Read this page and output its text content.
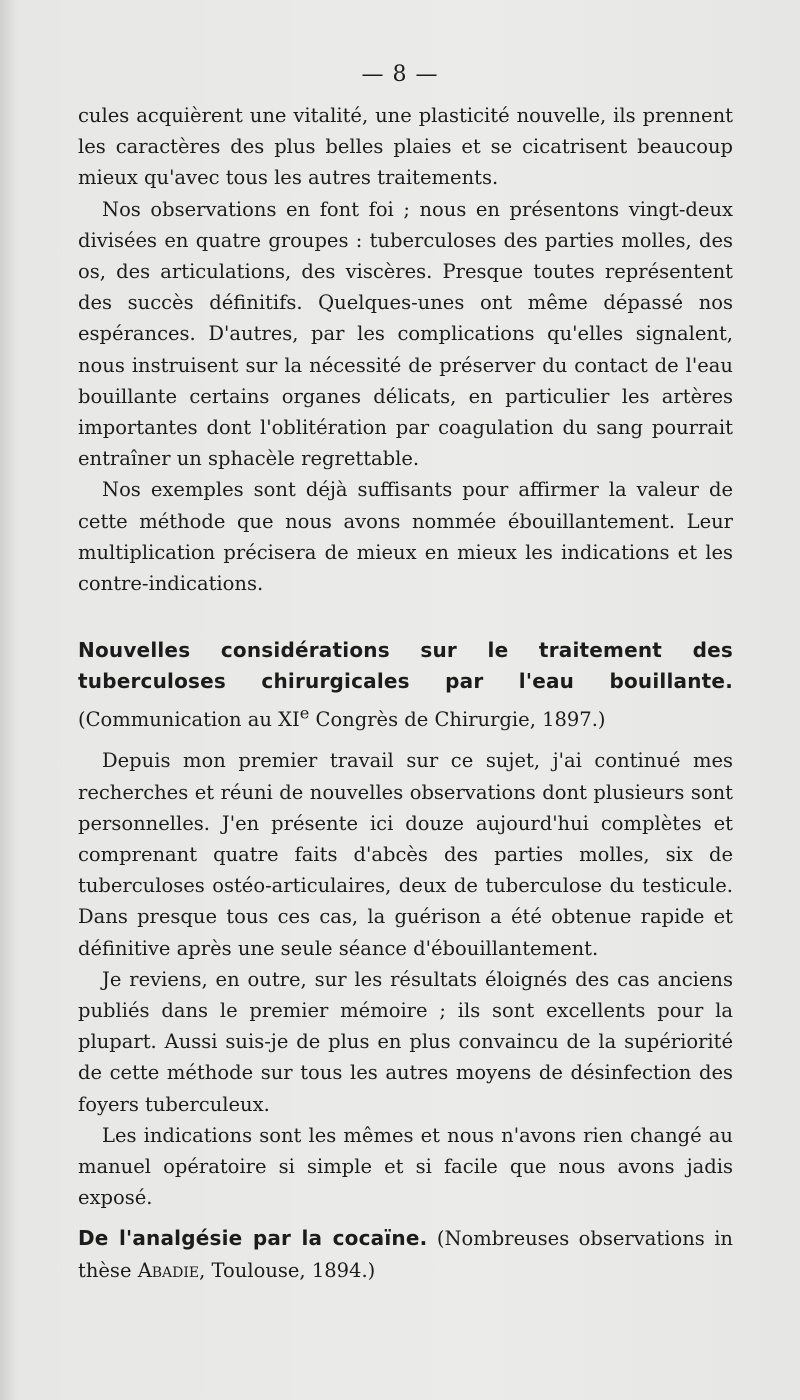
— 8 —

cules acquièrent une vitalité, une plasticité nouvelle, ils prennent les caractères des plus belles plaies et se cicatrisent beaucoup mieux qu'avec tous les autres traitements.

Nos observations en font foi ; nous en présentons vingt-deux divisées en quatre groupes : tuberculoses des parties molles, des os, des articulations, des viscères. Presque toutes représentent des succès définitifs. Quelques-unes ont même dépassé nos espérances. D'autres, par les complications qu'elles signalent, nous instruisent sur la nécessité de préserver du contact de l'eau bouillante certains organes délicats, en particulier les artères importantes dont l'oblitération par coagulation du sang pourrait entraîner un sphacèle regrettable.

Nos exemples sont déjà suffisants pour affirmer la valeur de cette méthode que nous avons nommée ébouillantement. Leur multiplication précisera de mieux en mieux les indications et les contre-indications.

Nouvelles considérations sur le traitement des tuberculoses chirurgicales par l'eau bouillante. (Communication au XIe Congrès de Chirurgie, 1897.)

Depuis mon premier travail sur ce sujet, j'ai continué mes recherches et réuni de nouvelles observations dont plusieurs sont personnelles. J'en présente ici douze aujourd'hui complètes et comprenant quatre faits d'abcès des parties molles, six de tuberculoses ostéo-articulaires, deux de tuberculose du testicule. Dans presque tous ces cas, la guérison a été obtenue rapide et définitive après une seule séance d'ébouillantement.

Je reviens, en outre, sur les résultats éloignés des cas anciens publiés dans le premier mémoire ; ils sont excellents pour la plupart. Aussi suis-je de plus en plus convaincu de la supériorité de cette méthode sur tous les autres moyens de désinfection des foyers tuberculeux.

Les indications sont les mêmes et nous n'avons rien changé au manuel opératoire si simple et si facile que nous avons jadis exposé.

De l'analgésie par la cocaïne. (Nombreuses observations in thèse Abadie, Toulouse, 1894.)
